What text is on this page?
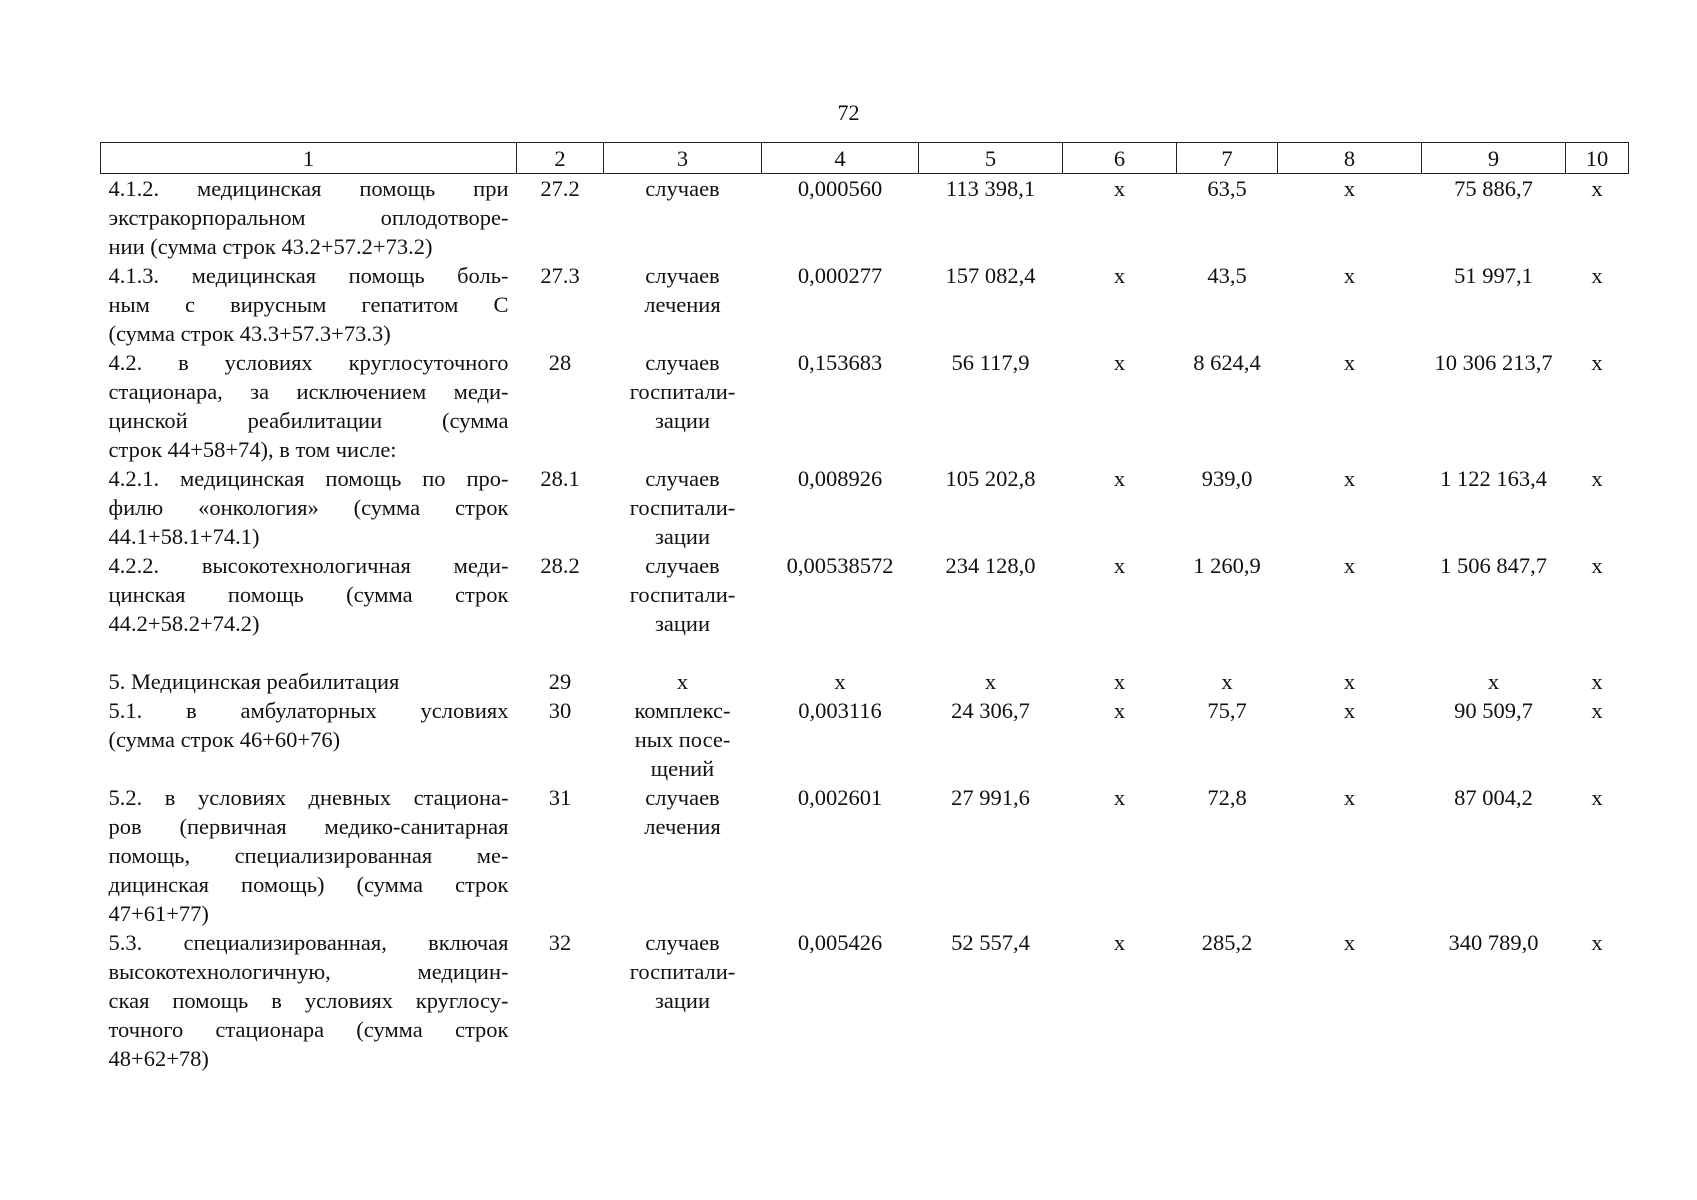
72
1	2	3	4	5	6	7	8	9	10

4.1.2. медицинская помощь при
экстракорпоральном оплодотворе-
нии (сумма строк 43.2+57.2+73.2)	27.2	случаев	0,000560	113 398,1	х	63,5	х	75 886,7	х

4.1.3. медицинская помощь боль-
ным с вирусным гепатитом С
(сумма строк 43.3+57.3+73.3)	27.3	случаев
лечения	0,000277	157 082,4	х	43,5	х	51 997,1	х

4.2. в условиях круглосуточного
стационара, за исключением меди-
цинской реабилитации (сумма
строк 44+58+74), в том числе:	28	случаев
госпитали-
зации	0,153683	56 117,9	х	8 624,4	х	10 306 213,7	х

4.2.1. медицинская помощь по про-
филю «онкология» (сумма строк
44.1+58.1+74.1)	28.1	случаев
госпитали-
зации	0,008926	105 202,8	х	939,0	х	1 122 163,4	х

4.2.2. высокотехнологичная меди-
цинская помощь (сумма строк
44.2+58.2+74.2)	28.2	случаев
госпитали-
зации	0,00538572	234 128,0	х	1 260,9	х	1 506 847,7	х

5. Медицинская реабилитация	29	х	х	х	х	х	х	х	х

5.1. в амбулаторных условиях
(сумма строк 46+60+76)	30	комплекс-
ных посе-
щений	0,003116	24 306,7	х	75,7	х	90 509,7	х

5.2. в условиях дневных стациона-
ров (первичная медико-санитарная
помощь, специализированная ме-
дицинская помощь) (сумма строк
47+61+77)	31	случаев
лечения	0,002601	27 991,6	х	72,8	х	87 004,2	х

5.3. специализированная, включая
высокотехнологичную, медицин-
ская помощь в условиях круглосу-
точного стационара (сумма строк
48+62+78)	32	случаев
госпитали-
зации	0,005426	52 557,4	х	285,2	х	340 789,0	х
